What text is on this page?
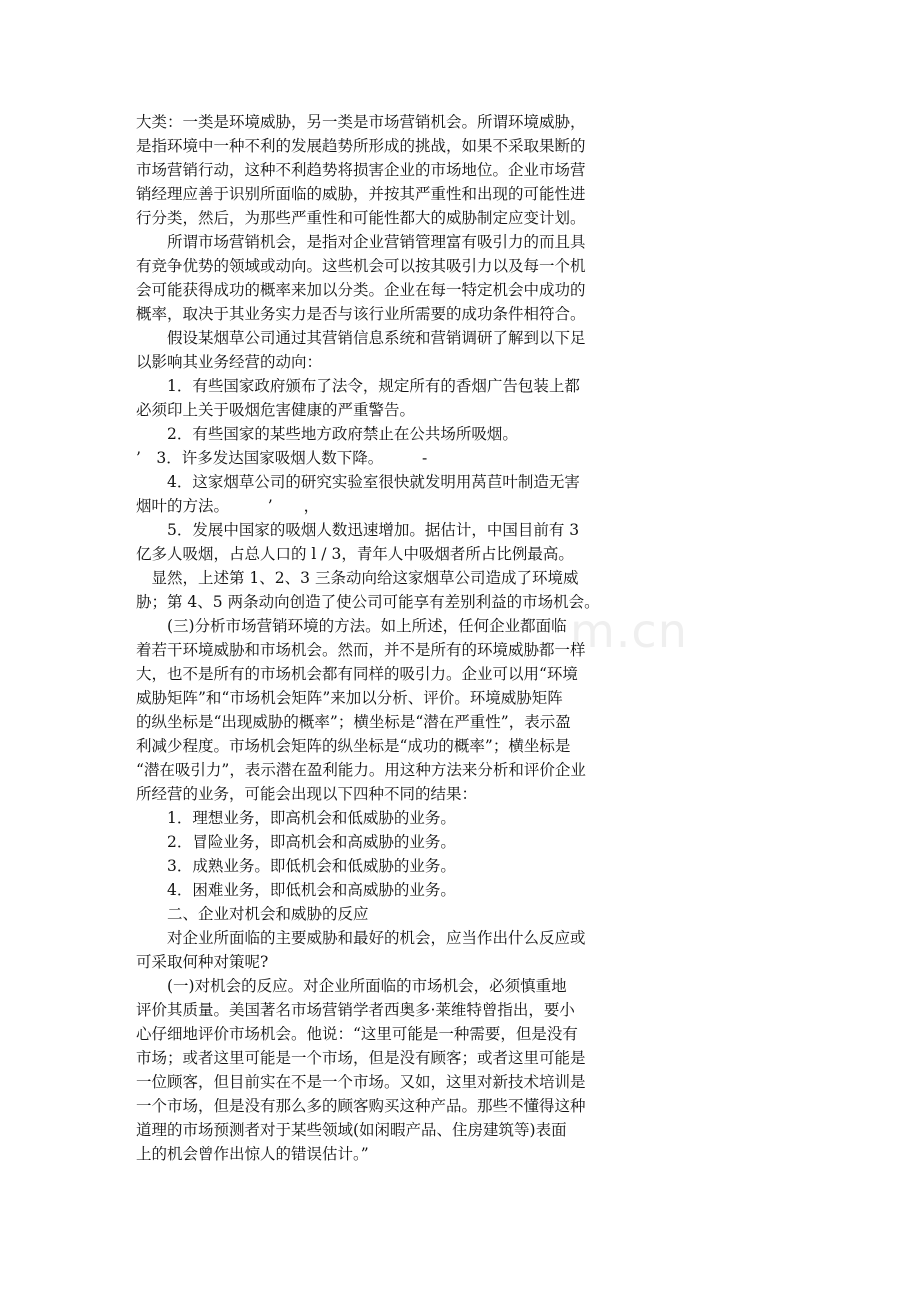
m.cn
大类：一类是环境威胁，另一类是市场营销机会。所谓环境威胁，
是指环境中一种不利的发展趋势所形成的挑战，如果不采取果断的
市场营销行动，这种不利趋势将损害企业的市场地位。企业市场营
销经理应善于识别所面临的威胁，并按其严重性和出现的可能性进
行分类，然后，为那些严重性和可能性都大的威胁制定应变计划。
　　所谓市场营销机会，是指对企业营销管理富有吸引力的而且具
有竞争优势的领域或动向。这些机会可以按其吸引力以及每一个机
会可能获得成功的概率来加以分类。企业在每一特定机会中成功的
概率，取决于其业务实力是否与该行业所需要的成功条件相符合。
　　假设某烟草公司通过其营销信息系统和营销调研了解到以下足
以影响其业务经营的动向：
　　1．有些国家政府颁布了法令，规定所有的香烟广告包装上都
必须印上关于吸烟危害健康的严重警告。
　　2．有些国家的某些地方政府禁止在公共场所吸烟。
’　3．许多发达国家吸烟人数下降。　　　-
　　4．这家烟草公司的研究实验室很快就发明用莴苣叶制造无害
烟叶的方法。　　　’　　，
　　5．发展中国家的吸烟人数迅速增加。据估计，中国目前有 3
亿多人吸烟，占总人口的 l / 3，青年人中吸烟者所占比例最高。
　显然，上述第 1、2、3 三条动向给这家烟草公司造成了环境威
胁；第 4、5 两条动向创造了使公司可能享有差别利益的市场机会。
　　(三)分析市场营销环境的方法。如上所述，任何企业都面临
着若干环境威胁和市场机会。然而，并不是所有的环境威胁都一样
大，也不是所有的市场机会都有同样的吸引力。企业可以用“环境
威胁矩阵”和“市场机会矩阵”来加以分析、评价。环境威胁矩阵
的纵坐标是“出现威胁的概率”；横坐标是“潜在严重性”，表示盈
利减少程度。市场机会矩阵的纵坐标是“成功的概率”；横坐标是
“潜在吸引力”，表示潜在盈利能力。用这种方法来分析和评价企业
所经营的业务，可能会出现以下四种不同的结果：
　　1．理想业务，即高机会和低威胁的业务。
　　2．冒险业务，即高机会和高威胁的业务。
　　3．成熟业务。即低机会和低威胁的业务。
　　4．困难业务，即低机会和高威胁的业务。
　　二、企业对机会和威胁的反应
　　对企业所面临的主要威胁和最好的机会，应当作出什么反应或
可采取何种对策呢?
　　(一)对机会的反应。对企业所面临的市场机会，必须慎重地
评价其质量。美国著名市场营销学者西奥多·莱维特曾指出，要小
心仔细地评价市场机会。他说：“这里可能是一种需要，但是没有
市场；或者这里可能是一个市场，但是没有顾客；或者这里可能是
一位顾客，但目前实在不是一个市场。又如，这里对新技术培训是
一个市场，但是没有那么多的顾客购买这种产品。那些不懂得这种
道理的市场预测者对于某些领域(如闲暇产品、住房建筑等)表面
上的机会曾作出惊人的错误估计。”
